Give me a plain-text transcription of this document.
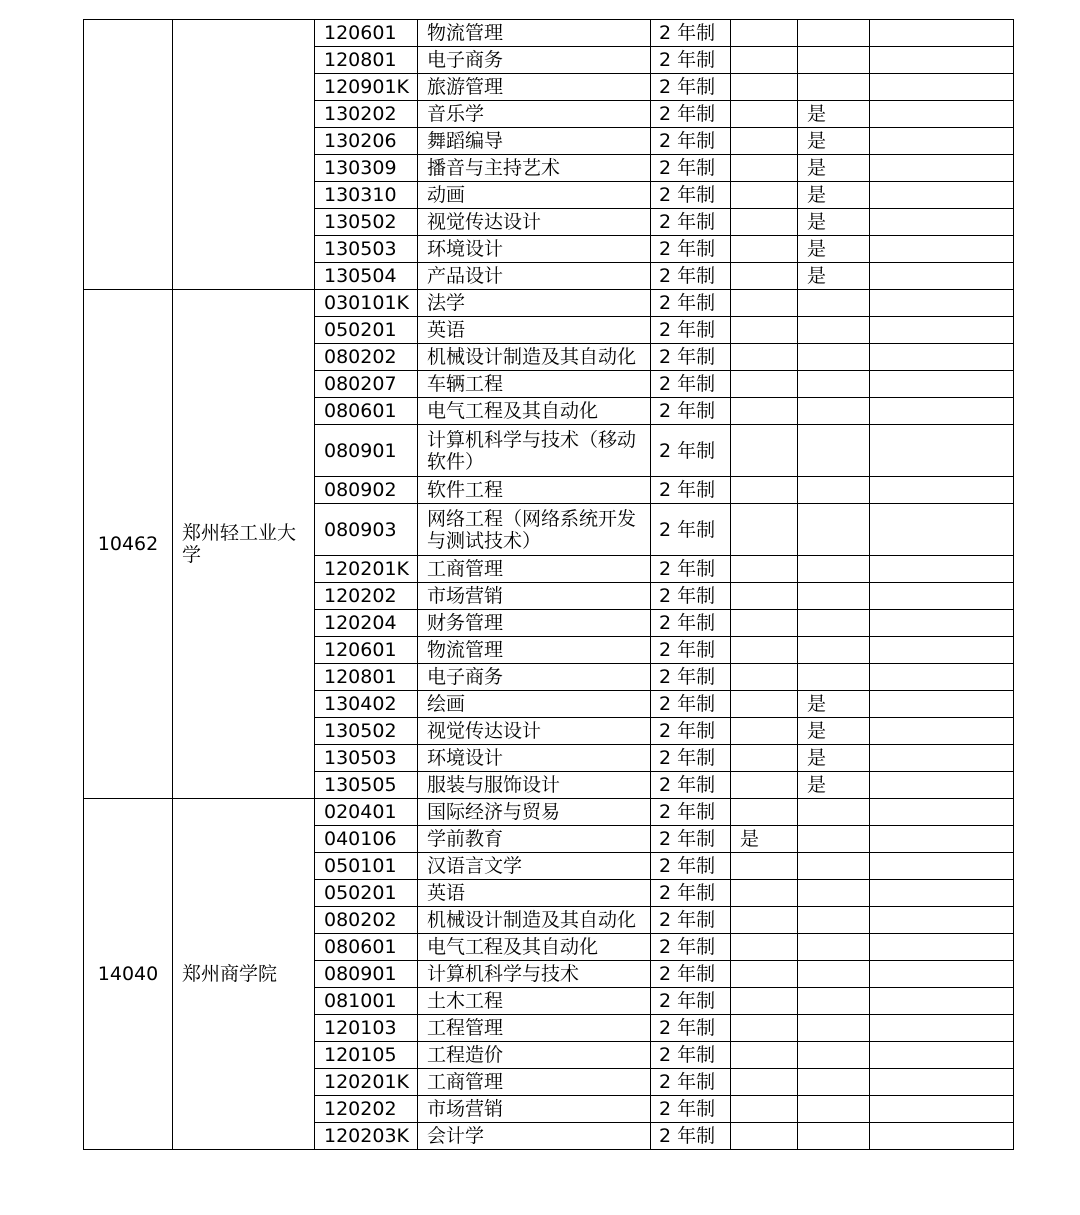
		120601	物流管理	2 年制			
		120801	电子商务	2 年制			
		120901K	旅游管理	2 年制			
		130202	音乐学	2 年制		是	
		130206	舞蹈编导	2 年制		是	
		130309	播音与主持艺术	2 年制		是	
		130310	动画	2 年制		是	
		130502	视觉传达设计	2 年制		是	
		130503	环境设计	2 年制		是	
		130504	产品设计	2 年制		是	
10462	郑州轻工业大学	030101K	法学	2 年制			
		050201	英语	2 年制			
		080202	机械设计制造及其自动化	2 年制			
		080207	车辆工程	2 年制			
		080601	电气工程及其自动化	2 年制			
		080901	计算机科学与技术（移动软件）	2 年制			
		080902	软件工程	2 年制			
		080903	网络工程（网络系统开发与测试技术）	2 年制			
		120201K	工商管理	2 年制			
		120202	市场营销	2 年制			
		120204	财务管理	2 年制			
		120601	物流管理	2 年制			
		120801	电子商务	2 年制			
		130402	绘画	2 年制		是	
		130502	视觉传达设计	2 年制		是	
		130503	环境设计	2 年制		是	
		130505	服装与服饰设计	2 年制		是	
14040	郑州商学院	020401	国际经济与贸易	2 年制			
		040106	学前教育	2 年制	是		
		050101	汉语言文学	2 年制			
		050201	英语	2 年制			
		080202	机械设计制造及其自动化	2 年制			
		080601	电气工程及其自动化	2 年制			
		080901	计算机科学与技术	2 年制			
		081001	土木工程	2 年制			
		120103	工程管理	2 年制			
		120105	工程造价	2 年制			
		120201K	工商管理	2 年制			
		120202	市场营销	2 年制			
		120203K	会计学	2 年制			
